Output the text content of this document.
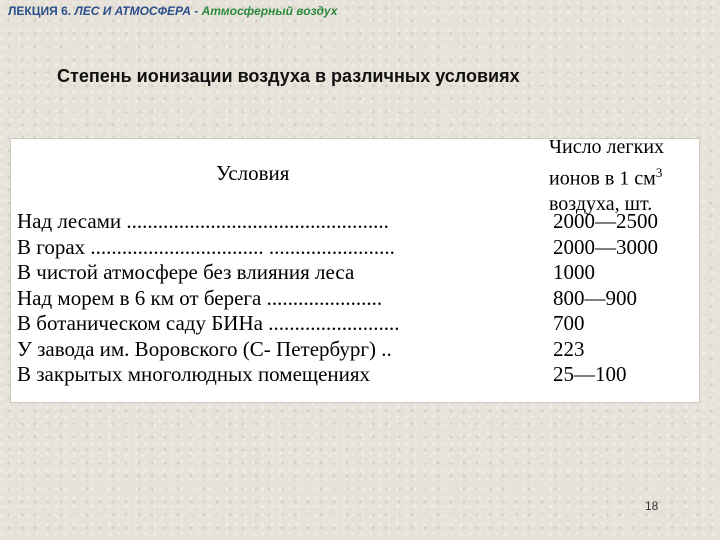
ЛЕКЦИЯ 6. ЛЕС И АТМОСФЕРА - Атмосферный воздух
Степень ионизации воздуха в различных условиях
Условия
Число легких
ионов в 1 $см^3$
воздуха, шт.
Над лесами ..................................................	2000—2500
В горах ................................. ........................	2000—3000
В чистой атмосфере без влияния леса	1000
Над морем в 6 км от берега ......................	800—900
В ботаническом саду БИНа .........................	700
У завода им. Воровского (С- Петербург) ..	223
В закрытых многолюдных помещениях	25—100
18
